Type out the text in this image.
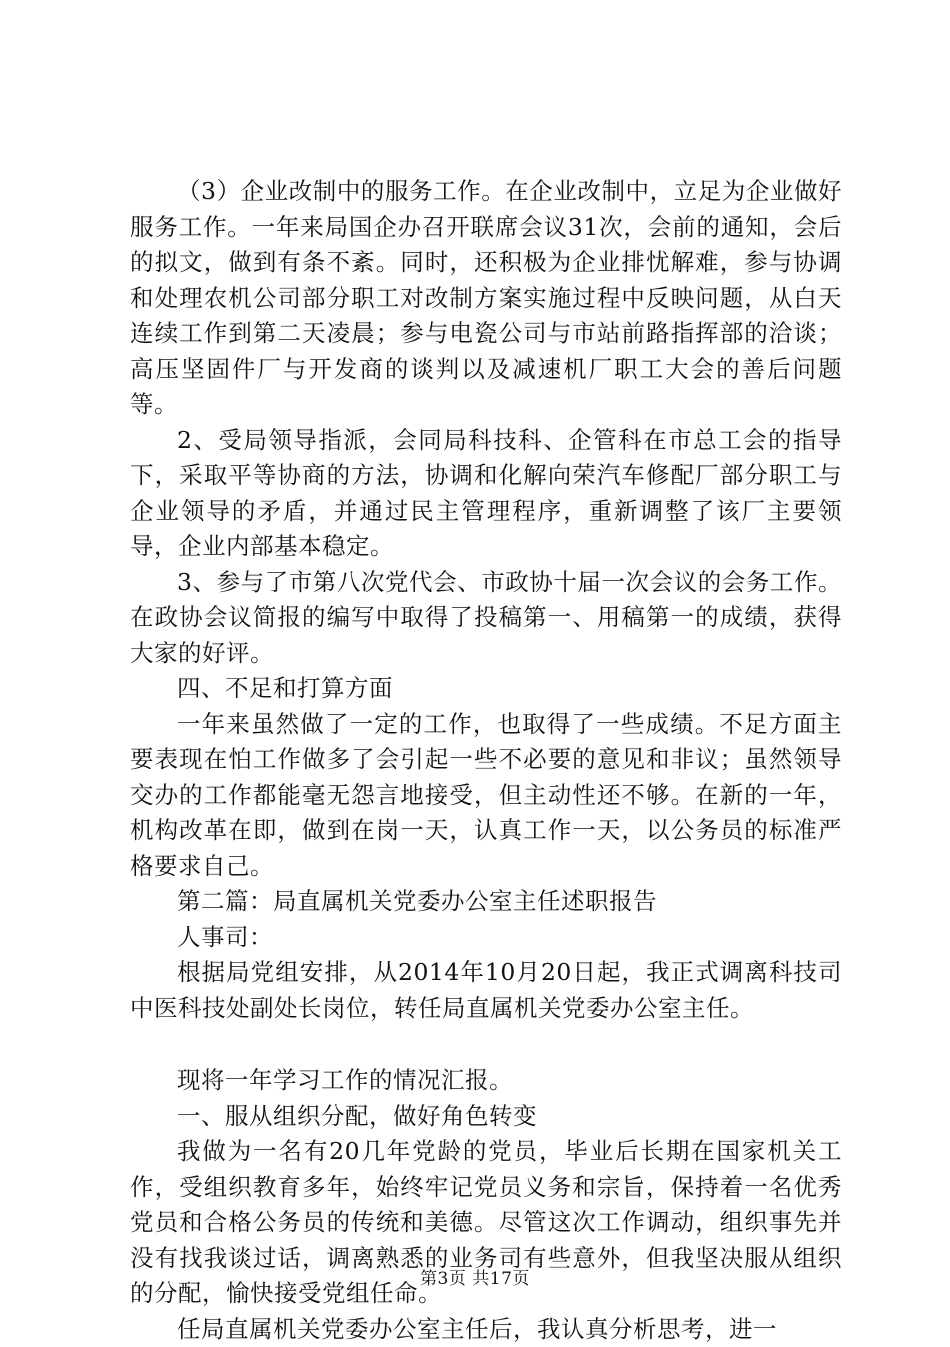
（3）企业改制中的服务工作。在企业改制中，立足为企业做好服务工作。一年来局国企办召开联席会议31次，会前的通知，会后的拟文，做到有条不紊。同时，还积极为企业排忧解难，参与协调和处理农机公司部分职工对改制方案实施过程中反映问题，从白天连续工作到第二天凌晨；参与电瓷公司与市站前路指挥部的洽谈；高压坚固件厂与开发商的谈判以及减速机厂职工大会的善后问题等。

2、受局领导指派，会同局科技科、企管科在市总工会的指导下，采取平等协商的方法，协调和化解向荣汽车修配厂部分职工与企业领导的矛盾，并通过民主管理程序，重新调整了该厂主要领导，企业内部基本稳定。

3、参与了市第八次党代会、市政协十届一次会议的会务工作。在政协会议简报的编写中取得了投稿第一、用稿第一的成绩，获得大家的好评。

四、不足和打算方面

一年来虽然做了一定的工作，也取得了一些成绩。不足方面主要表现在怕工作做多了会引起一些不必要的意见和非议；虽然领导交办的工作都能毫无怨言地接受，但主动性还不够。在新的一年，机构改革在即，做到在岗一天，认真工作一天，以公务员的标准严格要求自己。

第二篇：局直属机关党委办公室主任述职报告

人事司：

根据局党组安排，从2014年10月20日起，我正式调离科技司中医科技处副处长岗位，转任局直属机关党委办公室主任。

现将一年学习工作的情况汇报。

一、服从组织分配，做好角色转变

我做为一名有20几年党龄的党员，毕业后长期在国家机关工作，受组织教育多年，始终牢记党员义务和宗旨，保持着一名优秀党员和合格公务员的传统和美德。尽管这次工作调动，组织事先并没有找我谈过话，调离熟悉的业务司有些意外，但我坚决服从组织的分配，愉快接受党组任命。

任局直属机关党委办公室主任后，我认真分析思考，进一

第3页 共17页
